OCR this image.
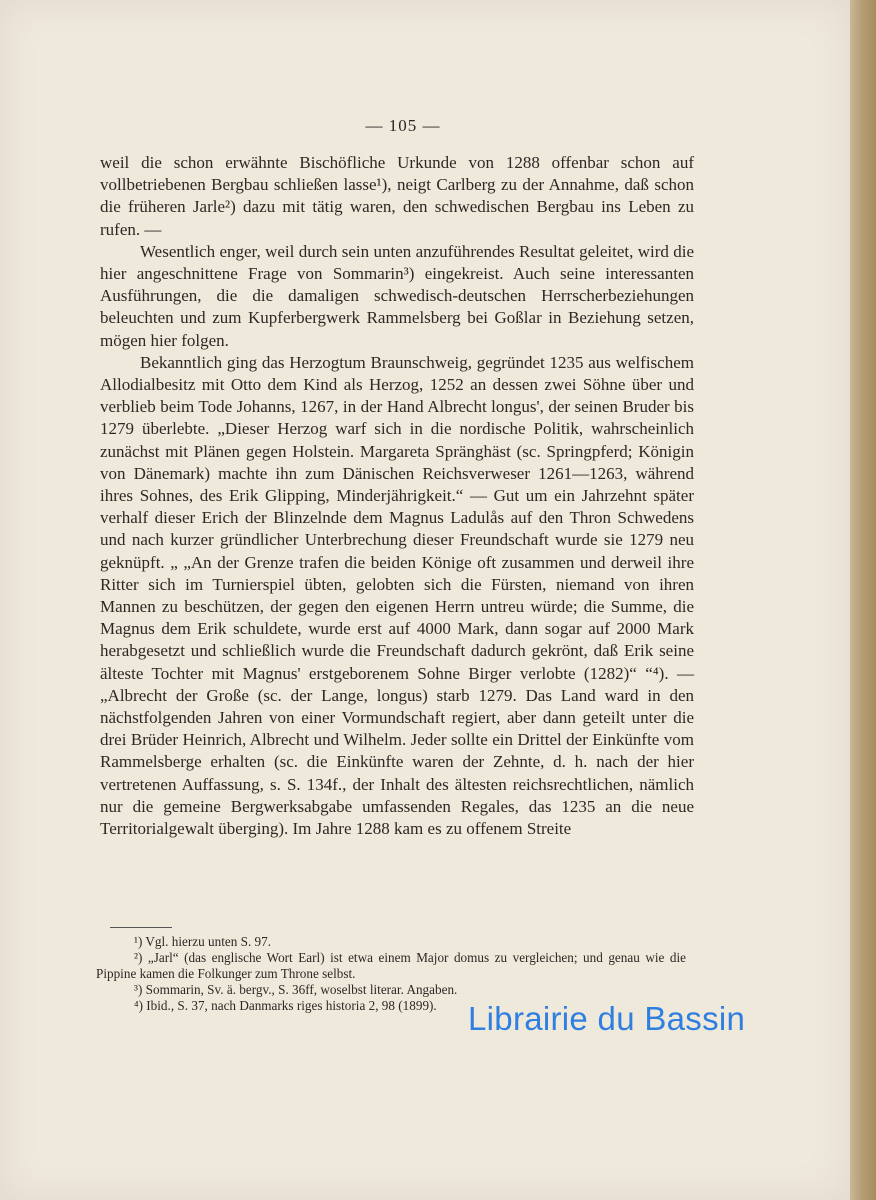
— 105 —

weil die schon erwähnte Bischöfliche Urkunde von 1288 offenbar schon auf vollbetriebenen Bergbau schließen lasse¹), neigt Carlberg zu der Annahme, daß schon die früheren Jarle²) dazu mit tätig waren, den schwedischen Bergbau ins Leben zu rufen. —

Wesentlich enger, weil durch sein unten anzuführendes Resultat geleitet, wird die hier angeschnittene Frage von Sommarin³) eingekreist. Auch seine interessanten Ausführungen, die die damaligen schwedisch-deutschen Herrscherbeziehungen beleuchten und zum Kupferbergwerk Rammelsberg bei Goßlar in Beziehung setzen, mögen hier folgen.

Bekanntlich ging das Herzogtum Braunschweig, gegründet 1235 aus welfischem Allodialbesitz mit Otto dem Kind als Herzog, 1252 an dessen zwei Söhne über und verblieb beim Tode Johanns, 1267, in der Hand Albrecht longus', der seinen Bruder bis 1279 überlebte. „Dieser Herzog warf sich in die nordische Politik, wahrscheinlich zunächst mit Plänen gegen Holstein. Margareta Spränghäst (sc. Springpferd; Königin von Dänemark) machte ihn zum Dänischen Reichsverweser 1261—1263, während ihres Sohnes, des Erik Glipping, Minderjährigkeit.“ — Gut um ein Jahrzehnt später verhalf dieser Erich der Blinzelnde dem Magnus Ladulås auf den Thron Schwedens und nach kurzer gründlicher Unterbrechung dieser Freundschaft wurde sie 1279 neu geknüpft. „ „An der Grenze trafen die beiden Könige oft zusammen und derweil ihre Ritter sich im Turnierspiel übten, gelobten sich die Fürsten, niemand von ihren Mannen zu beschützen, der gegen den eigenen Herrn untreu würde; die Summe, die Magnus dem Erik schuldete, wurde erst auf 4000 Mark, dann sogar auf 2000 Mark herabgesetzt und schließlich wurde die Freundschaft dadurch gekrönt, daß Erik seine älteste Tochter mit Magnus' erstgeborenem Sohne Birger verlobte (1282)“ “⁴). — „Albrecht der Große (sc. der Lange, longus) starb 1279. Das Land ward in den nächstfolgenden Jahren von einer Vormundschaft regiert, aber dann geteilt unter die drei Brüder Heinrich, Albrecht und Wilhelm. Jeder sollte ein Drittel der Einkünfte vom Rammelsberge erhalten (sc. die Einkünfte waren der Zehnte, d. h. nach der hier vertretenen Auffassung, s. S. 134f., der Inhalt des ältesten reichsrechtlichen, nämlich nur die gemeine Bergwerksabgabe umfassenden Regales, das 1235 an die neue Territorialgewalt überging). Im Jahre 1288 kam es zu offenem Streite

¹) Vgl. hierzu unten S. 97.
²) „Jarl“ (das englische Wort Earl) ist etwa einem Major domus zu vergleichen; und genau wie die Pippine kamen die Folkunger zum Throne selbst.
³) Sommarin, Sv. ä. bergv., S. 36ff, woselbst literar. Angaben.
⁴) Ibid., S. 37, nach Danmarks riges historia 2, 98 (1899). Librairie du Bassin
